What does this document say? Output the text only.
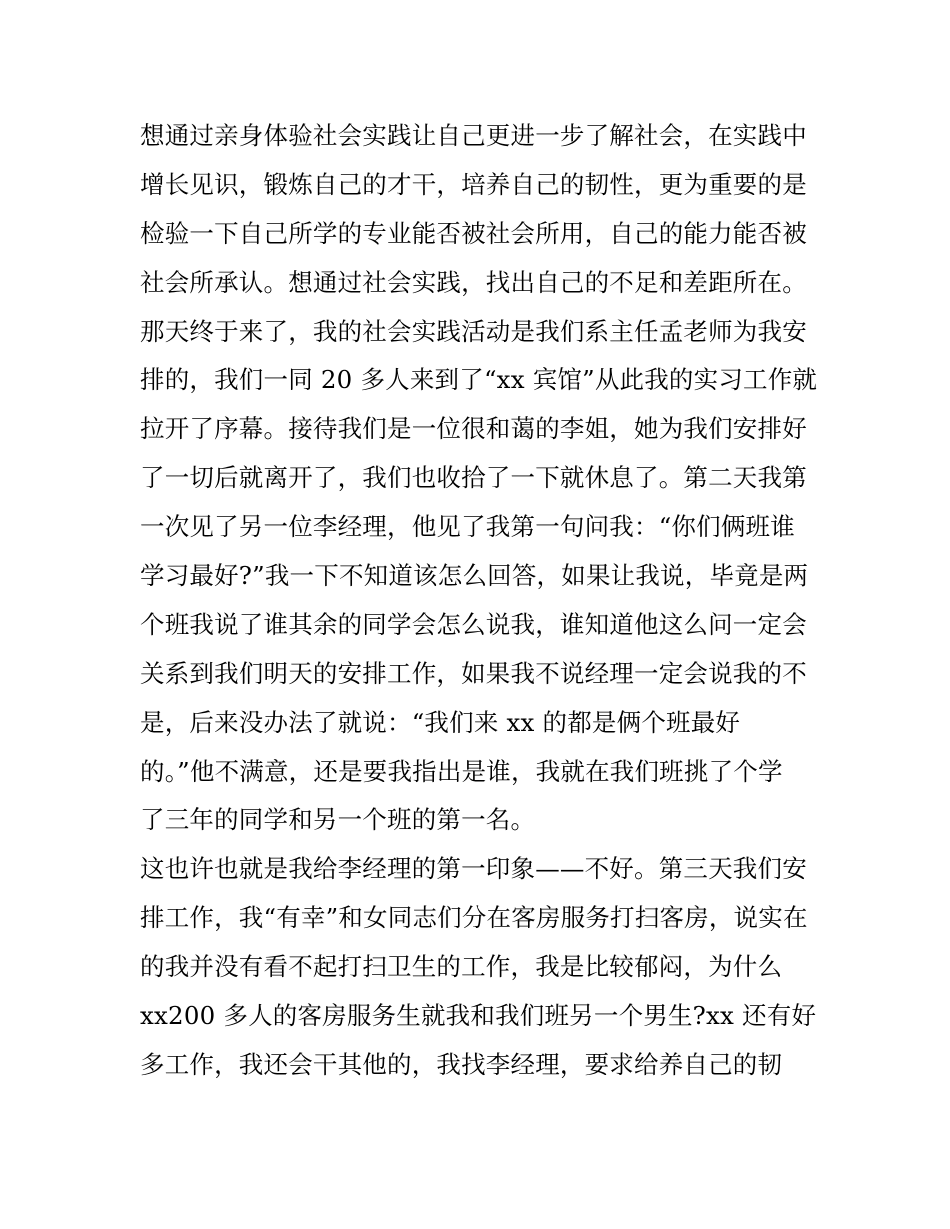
想通过亲身体验社会实践让自己更进一步了解社会，在实践中
增长见识，锻炼自己的才干，培养自己的韧性，更为重要的是
检验一下自己所学的专业能否被社会所用，自己的能力能否被
社会所承认。想通过社会实践，找出自己的不足和差距所在。
那天终于来了，我的社会实践活动是我们系主任孟老师为我安
排的，我们一同 20 多人来到了“xx 宾馆”从此我的实习工作就
拉开了序幕。接待我们是一位很和蔼的李姐，她为我们安排好
了一切后就离开了，我们也收拾了一下就休息了。第二天我第
一次见了另一位李经理，他见了我第一句问我：“你们俩班谁
学习最好?”我一下不知道该怎么回答，如果让我说，毕竟是两
个班我说了谁其余的同学会怎么说我，谁知道他这么问一定会
关系到我们明天的安排工作，如果我不说经理一定会说我的不
是，后来没办法了就说：“我们来 xx 的都是俩个班最好
的。”他不满意，还是要我指出是谁，我就在我们班挑了个学
了三年的同学和另一个班的第一名。
这也许也就是我给李经理的第一印象——不好。第三天我们安
排工作，我“有幸”和女同志们分在客房服务打扫客房，说实在
的我并没有看不起打扫卫生的工作，我是比较郁闷，为什么
xx200 多人的客房服务生就我和我们班另一个男生?xx 还有好
多工作，我还会干其他的，我找李经理，要求给养自己的韧
